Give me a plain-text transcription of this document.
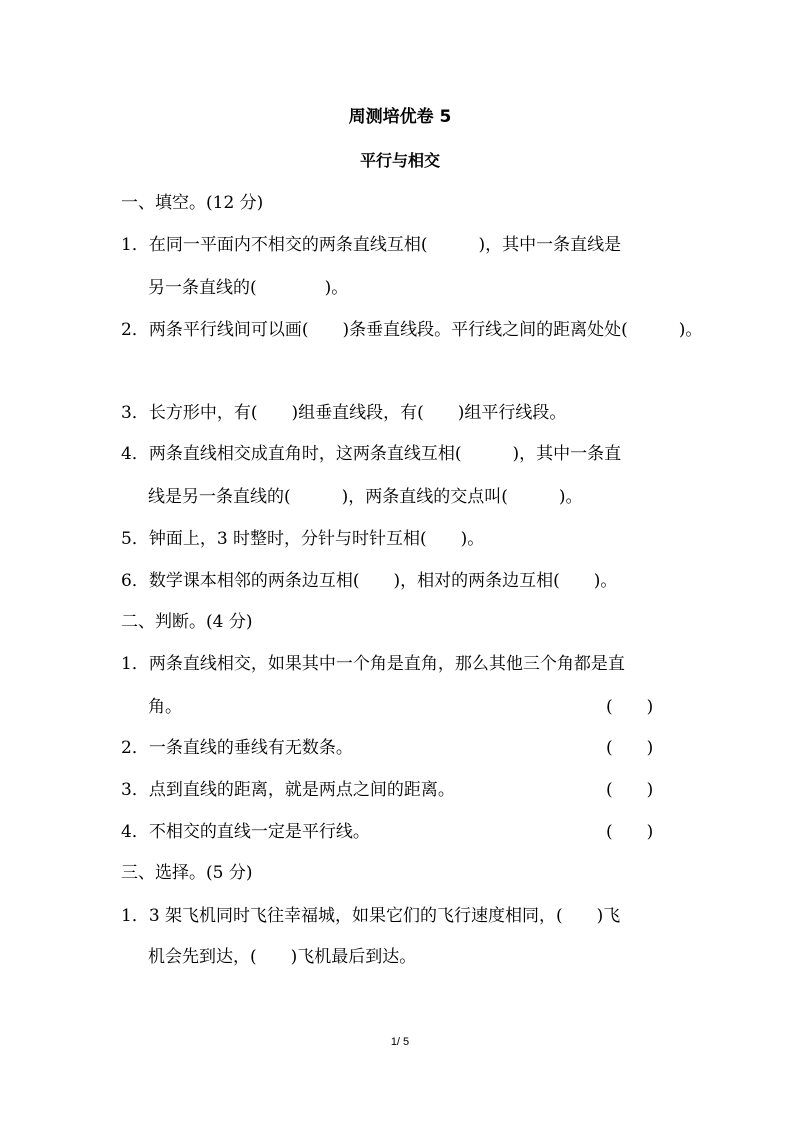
周测培优卷 5
平行与相交
一、填空。(12 分)
1．在同一平面内不相交的两条直线互相(　　　)，其中一条直线是
另一条直线的(　　　　)。
2．两条平行线间可以画(　　)条垂直线段。平行线之间的距离处处(　　　)。
3．长方形中，有(　　)组垂直线段，有(　　)组平行线段。
4．两条直线相交成直角时，这两条直线互相(　　　)，其中一条直
线是另一条直线的(　　　)，两条直线的交点叫(　　　)。
5．钟面上，3 时整时，分针与时针互相(　　)。
6．数学课本相邻的两条边互相(　　)，相对的两条边互相(　　)。
二、判断。(4 分)
1．两条直线相交，如果其中一个角是直角，那么其他三个角都是直
角。	(　　)
2．一条直线的垂线有无数条。	(　　)
3．点到直线的距离，就是两点之间的距离。	(　　)
4．不相交的直线一定是平行线。	(　　)
三、选择。(5 分)
1．3 架飞机同时飞往幸福城，如果它们的飞行速度相同，(　　)飞
机会先到达，(　　)飞机最后到达。
1/ 5
